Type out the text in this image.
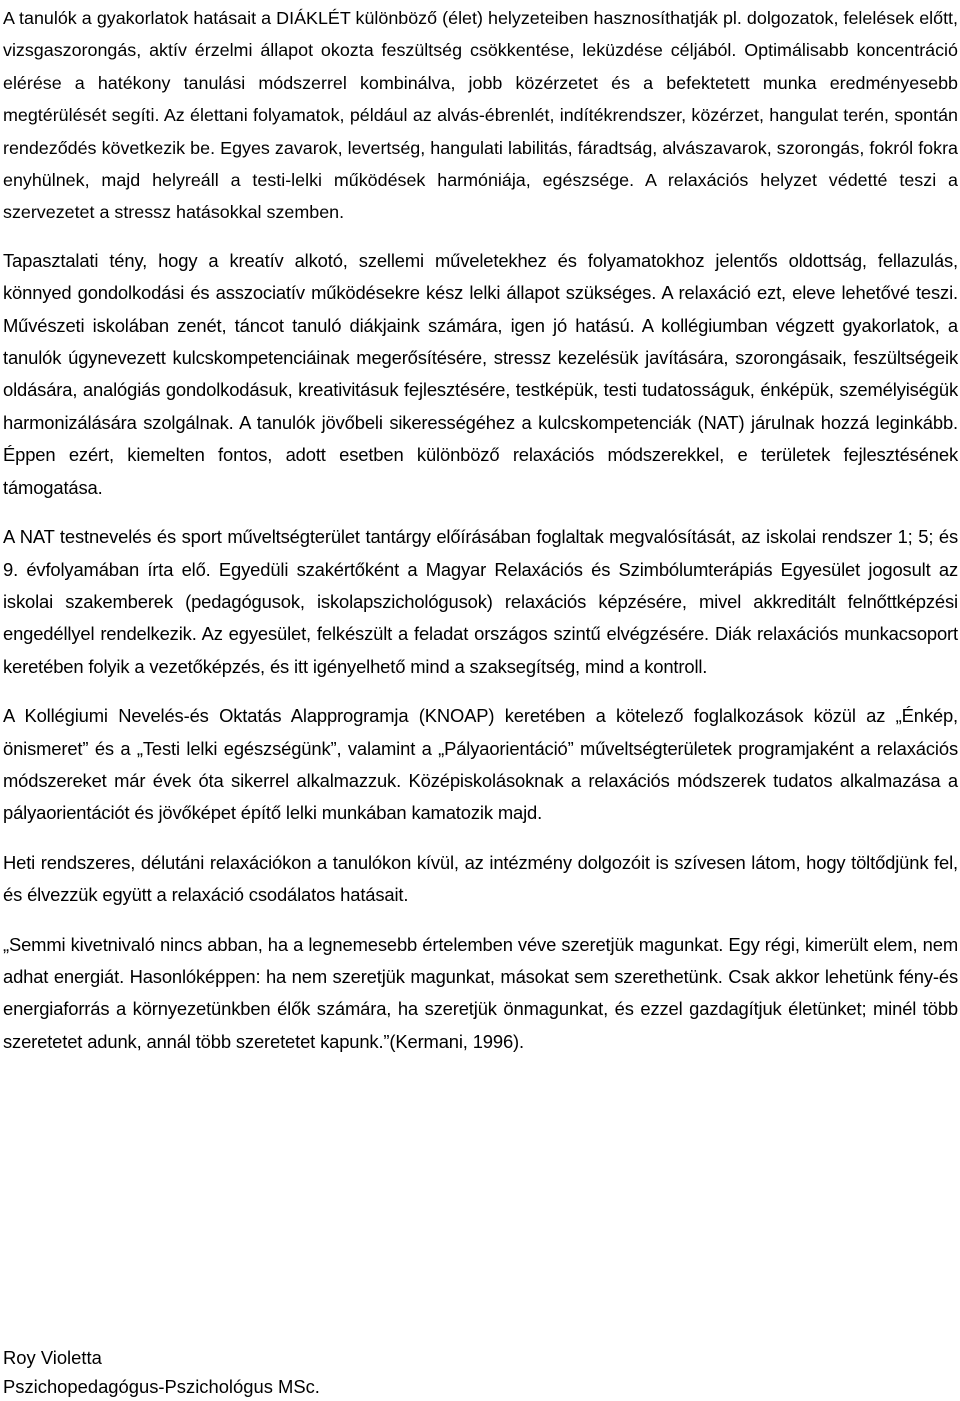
A tanulók a gyakorlatok hatásait a DIÁKLÉT különböző (élet) helyzeteiben hasznosíthatják pl. dolgozatok, felelések előtt, vizsgaszorongás, aktív érzelmi állapot okozta feszültség csökkentése, leküzdése céljából. Optimálisabb koncentráció elérése a hatékony tanulási módszerrel kombinálva, jobb közérzetet és a befektetett munka eredményesebb megtérülését segíti. Az élettani folyamatok, például az alvás-ébrenlét, indítékrendszer, közérzet, hangulat terén, spontán rendeződés következik be. Egyes zavarok, levertség, hangulati labilitás, fáradtság, alvászavarok, szorongás, fokról fokra enyhülnek, majd helyreáll a testi-lelki működések harmóniája, egészsége. A relaxációs helyzet védetté teszi a szervezetet a stressz hatásokkal szemben.

Tapasztalati tény, hogy a kreatív alkotó, szellemi műveletekhez és folyamatokhoz jelentős oldottság, fellazulás, könnyed gondolkodási és asszociatív működésekre kész lelki állapot szükséges. A relaxáció ezt, eleve lehetővé teszi. Művészeti iskolában zenét, táncot tanuló diákjaink számára, igen jó hatású. A kollégiumban végzett gyakorlatok, a tanulók úgynevezett kulcskompetenciáinak megerősítésére, stressz kezelésük javítására, szorongásaik, feszültségeik oldására, analógiás gondolkodásuk, kreativitásuk fejlesztésére, testképük, testi tudatosságuk, énképük, személyiségük harmonizálására szolgálnak. A tanulók jövőbeli sikerességéhez a kulcskompetenciák (NAT) járulnak hozzá leginkább. Éppen ezért, kiemelten fontos, adott esetben különböző relaxációs módszerekkel, e területek fejlesztésének támogatása.

A NAT testnevelés és sport műveltségterület tantárgy előírásában foglaltak megvalósítását, az iskolai rendszer 1; 5; és 9. évfolyamában írta elő. Egyedüli szakértőként a Magyar Relaxációs és Szimbólumterápiás Egyesület jogosult az iskolai szakemberek (pedagógusok, iskolapszichológusok) relaxációs képzésére, mivel akkreditált felnőttképzési engedéllyel rendelkezik. Az egyesület, felkészült a feladat országos szintű elvégzésére. Diák relaxációs munkacsoport keretében folyik a vezetőképzés, és itt igényelhető mind a szaksegítség, mind a kontroll.

A Kollégiumi Nevelés-és Oktatás Alapprogramja (KNOAP) keretében a kötelező foglalkozások közül az „Énkép, önismeret” és a „Testi lelki egészségünk”, valamint a „Pályaorientáció” műveltségterületek programjaként a relaxációs módszereket már évek óta sikerrel alkalmazzuk. Középiskolásoknak a relaxációs módszerek tudatos alkalmazása a pályaorientációt és jövőképet építő lelki munkában kamatozik majd.

Heti rendszeres, délutáni relaxációkon a tanulókon kívül, az intézmény dolgozóit is szívesen látom, hogy töltődjünk fel, és élvezzük együtt a relaxáció csodálatos hatásait.

„Semmi kivetnivaló nincs abban, ha a legnemesebb értelemben véve szeretjük magunkat. Egy régi, kimerült elem, nem adhat energiát. Hasonlóképpen: ha nem szeretjük magunkat, másokat sem szerethetünk. Csak akkor lehetünk fény-és energiaforrás a környezetünkben élők számára, ha szeretjük önmagunkat, és ezzel gazdagítjuk életünket; minél több szeretetet adunk, annál több szeretetet kapunk.”(Kermani, 1996).

Roy Violetta
Pszichopedagógus-Pszichológus MSc.
